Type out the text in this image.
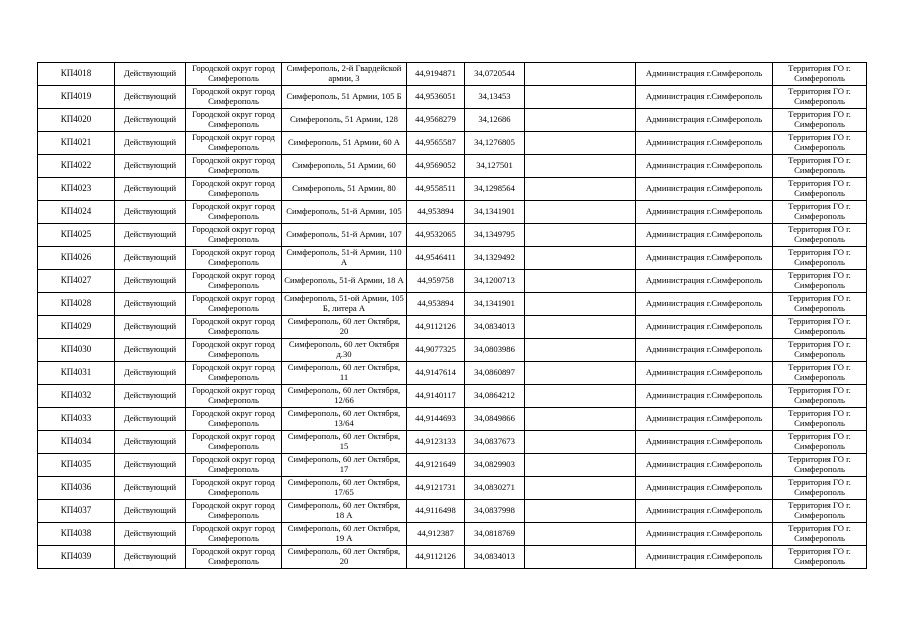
КП4018	Действующий	Городской округ город Симферополь	Симферополь, 2-й Гвардейской армии, 3	44,9194871	34,0720544		Администрация г.Симферополь	Территория ГО г. Симферополь
КП4019	Действующий	Городской округ город Симферополь	Симферополь, 51 Армии, 105 Б	44,9536051	34,13453		Администрация г.Симферополь	Территория ГО г. Симферополь
КП4020	Действующий	Городской округ город Симферополь	Симферополь, 51 Армии, 128	44,9568279	34,12686		Администрация г.Симферополь	Территория ГО г. Симферополь
КП4021	Действующий	Городской округ город Симферополь	Симферополь, 51 Армии, 60 А	44,9565587	34,1276805		Администрация г.Симферополь	Территория ГО г. Симферополь
КП4022	Действующий	Городской округ город Симферополь	Симферополь, 51 Армии, 60	44,9569052	34,127501		Администрация г.Симферополь	Территория ГО г. Симферополь
КП4023	Действующий	Городской округ город Симферополь	Симферополь, 51 Армии, 80	44,9558511	34,1298564		Администрация г.Симферополь	Территория ГО г. Симферополь
КП4024	Действующий	Городской округ город Симферополь	Симферополь, 51-й Армии, 105	44,953894	34,1341901		Администрация г.Симферополь	Территория ГО г. Симферополь
КП4025	Действующий	Городской округ город Симферополь	Симферополь, 51-й Армии, 107	44,9532065	34,1349795		Администрация г.Симферополь	Территория ГО г. Симферополь
КП4026	Действующий	Городской округ город Симферополь	Симферополь, 51-й Армии, 110 А	44,9546411	34,1329492		Администрация г.Симферополь	Территория ГО г. Симферополь
КП4027	Действующий	Городской округ город Симферополь	Симферополь, 51-й Армии, 18 А	44,959758	34,1200713		Администрация г.Симферополь	Территория ГО г. Симферополь
КП4028	Действующий	Городской округ город Симферополь	Симферополь, 51-ой Армии, 105 Б, литера А	44,953894	34,1341901		Администрация г.Симферополь	Территория ГО г. Симферополь
КП4029	Действующий	Городской округ город Симферополь	Симферополь, 60 лет Октября, 20	44,9112126	34,0834013		Администрация г.Симферополь	Территория ГО г. Симферополь
КП4030	Действующий	Городской округ город Симферополь	Симферополь, 60 лет Октября д.30	44,9077325	34,0803986		Администрация г.Симферополь	Территория ГО г. Симферополь
КП4031	Действующий	Городской округ город Симферополь	Симферополь, 60 лет Октября, 11	44,9147614	34,0860897		Администрация г.Симферополь	Территория ГО г. Симферополь
КП4032	Действующий	Городской округ город Симферополь	Симферополь, 60 лет Октября, 12/66	44,9140117	34,0864212		Администрация г.Симферополь	Территория ГО г. Симферополь
КП4033	Действующий	Городской округ город Симферополь	Симферополь, 60 лет Октября, 13/64	44,9144693	34,0849866		Администрация г.Симферополь	Территория ГО г. Симферополь
КП4034	Действующий	Городской округ город Симферополь	Симферополь, 60 лет Октября, 15	44,9123133	34,0837673		Администрация г.Симферополь	Территория ГО г. Симферополь
КП4035	Действующий	Городской округ город Симферополь	Симферополь, 60 лет Октября, 17	44,9121649	34,0829903		Администрация г.Симферополь	Территория ГО г. Симферополь
КП4036	Действующий	Городской округ город Симферополь	Симферополь, 60 лет Октября, 17/65	44,9121731	34,0830271		Администрация г.Симферополь	Территория ГО г. Симферополь
КП4037	Действующий	Городской округ город Симферополь	Симферополь, 60 лет Октября, 18 А	44,9116498	34,0837998		Администрация г.Симферополь	Территория ГО г. Симферополь
КП4038	Действующий	Городской округ город Симферополь	Симферополь, 60 лет Октября, 19 А	44,912387	34,0818769		Администрация г.Симферополь	Территория ГО г. Симферополь
КП4039	Действующий	Городской округ город Симферополь	Симферополь, 60 лет Октября, 20	44,9112126	34,0834013		Администрация г.Симферополь	Территория ГО г. Симферополь
